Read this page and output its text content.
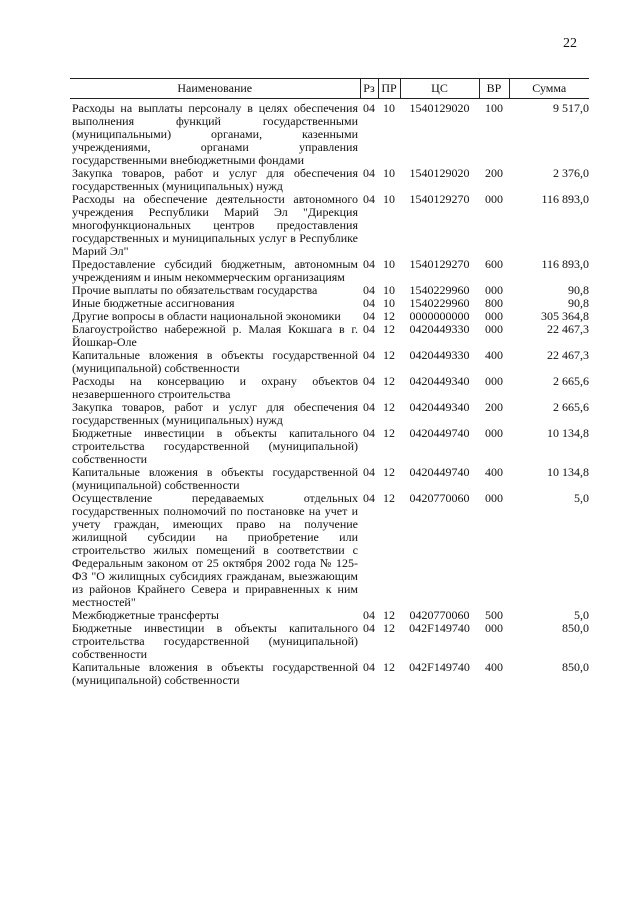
22
Наименование	Рз	ПР	ЦС	ВР	Сумма
Расходы на выплаты персоналу в целях обеспечения выполнения функций государственными (муниципальными) органами, казенными учреждениями, органами управления государственными внебюджетными фондами	04	10	1540129020	100	9 517,0
Закупка товаров, работ и услуг для обеспечения государственных (муниципальных) нужд	04	10	1540129020	200	2 376,0
Расходы на обеспечение деятельности автономного учреждения Республики Марий Эл "Дирекция многофункциональных центров предоставления государственных и муниципальных услуг в Республике Марий Эл"	04	10	1540129270	000	116 893,0
Предоставление субсидий бюджетным, автономным учреждениям и иным некоммерческим организациям	04	10	1540129270	600	116 893,0
Прочие выплаты по обязательствам государства	04	10	1540229960	000	90,8
Иные бюджетные ассигнования	04	10	1540229960	800	90,8
Другие вопросы в области национальной экономики	04	12	0000000000	000	305 364,8
Благоустройство набережной р. Малая Кокшага в г. Йошкар-Оле	04	12	0420449330	000	22 467,3
Капитальные вложения в объекты государственной (муниципальной) собственности	04	12	0420449330	400	22 467,3
Расходы на консервацию и охрану объектов незавершенного строительства	04	12	0420449340	000	2 665,6
Закупка товаров, работ и услуг для обеспечения государственных (муниципальных) нужд	04	12	0420449340	200	2 665,6
Бюджетные инвестиции в объекты капитального строительства государственной (муниципальной) собственности	04	12	0420449740	000	10 134,8
Капитальные вложения в объекты государственной (муниципальной) собственности	04	12	0420449740	400	10 134,8
Осуществление передаваемых отдельных государственных полномочий по постановке на учет и учету граждан, имеющих право на получение жилищной субсидии на приобретение или строительство жилых помещений в соответствии с Федеральным законом от 25 октября 2002 года № 125-ФЗ "О жилищных субсидиях гражданам, выезжающим из районов Крайнего Севера и приравненных к ним местностей"	04	12	0420770060	000	5,0
Межбюджетные трансферты	04	12	0420770060	500	5,0
Бюджетные инвестиции в объекты капитального строительства государственной (муниципальной) собственности	04	12	042F149740	000	850,0
Капитальные вложения в объекты государственной (муниципальной) собственности	04	12	042F149740	400	850,0
